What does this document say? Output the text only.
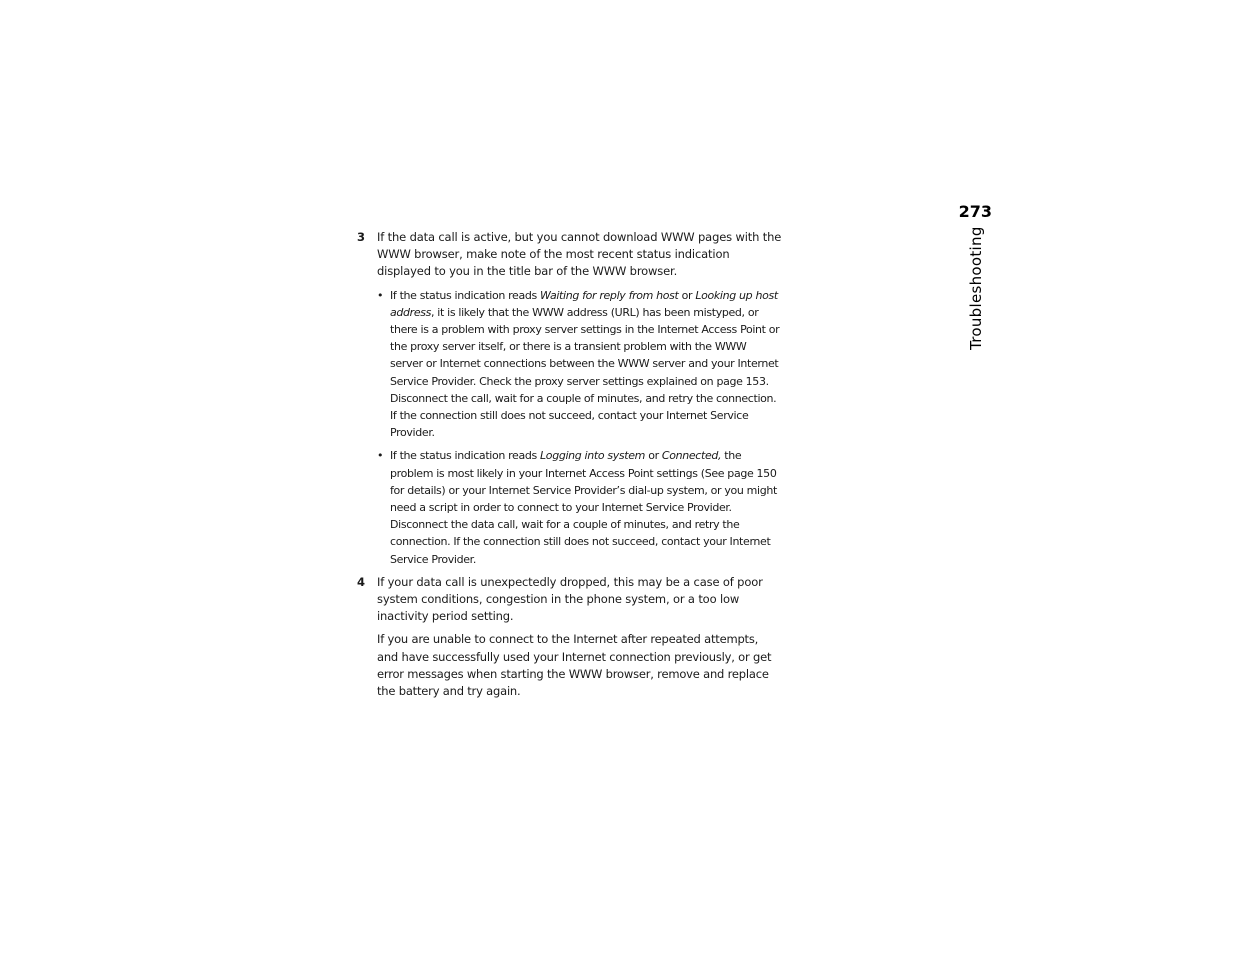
273
Troubleshooting
3 If the data call is active, but you cannot download WWW pages with the WWW browser, make note of the most recent status indication displayed to you in the title bar of the WWW browser.
• If the status indication reads Waiting for reply from host or Looking up host address, it is likely that the WWW address (URL) has been mistyped, or there is a problem with proxy server settings in the Internet Access Point or the proxy server itself, or there is a transient problem with the WWW server or Internet connections between the WWW server and your Internet Service Provider. Check the proxy server settings explained on page 153. Disconnect the call, wait for a couple of minutes, and retry the connection. If the connection still does not succeed, contact your Internet Service Provider.
• If the status indication reads Logging into system or Connected, the problem is most likely in your Internet Access Point settings (See page 150 for details) or your Internet Service Provider’s dial-up system, or you might need a script in order to connect to your Internet Service Provider. Disconnect the data call, wait for a couple of minutes, and retry the connection. If the connection still does not succeed, contact your Internet Service Provider.
4 If your data call is unexpectedly dropped, this may be a case of poor system conditions, congestion in the phone system, or a too low inactivity period setting.

If you are unable to connect to the Internet after repeated attempts, and have successfully used your Internet connection previously, or get error messages when starting the WWW browser, remove and replace the battery and try again.
